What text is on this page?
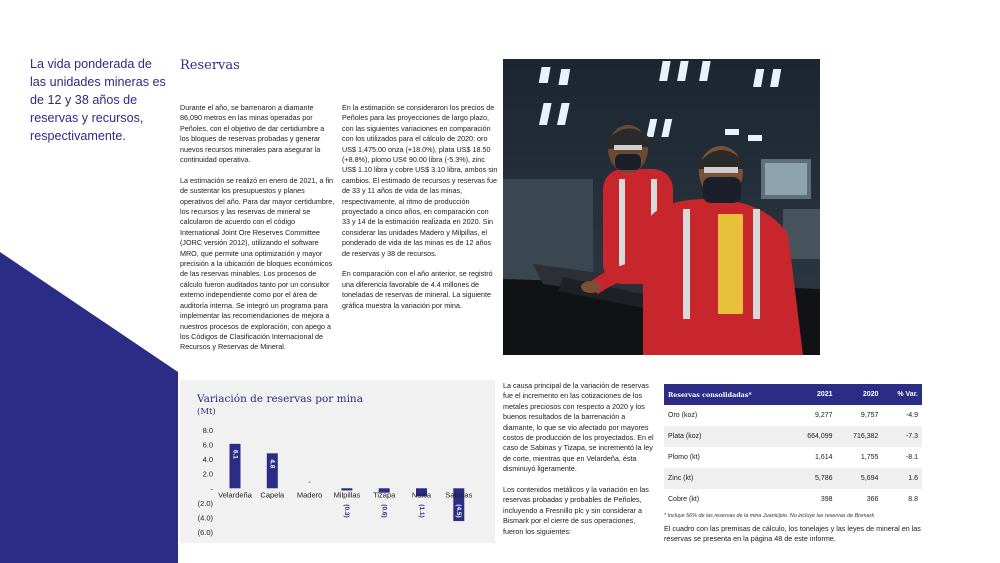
La vida ponderada de las unidades mineras es de 12 y 38 años de reservas y recursos, respectivamente.
Reservas

Durante el año, se barrenaron a diamante 86,090 metros en las minas operadas por Peñoles, con el objetivo de dar certidumbre a los bloques de reservas probadas y generar nuevos recursos minerales para asegurar la continuidad operativa.

La estimación se realizó en enero de 2021, a fin de sustentar los presupuestos y planes operativos del año. Para dar mayor certidumbre, los recursos y las reservas de mineral se calcularon de acuerdo con el código International Joint Ore Reserves Committee (JORC versión 2012), utilizando el software MRO, que permite una optimización y mayor precisión a la ubicación de bloques económicos de las reservas minables. Los procesos de cálculo fueron auditados tanto por un consultor externo independiente como por el área de auditoría interna. Se integró un programa para implementar las recomendaciones de mejora a nuestros procesos de exploración, con apego a los Códigos de Clasificación Internacional de Recursos y Reservas de Mineral.

En la estimación se consideraron los precios de Peñoles para las proyecciones de largo plazo, con las siguientes variaciones en comparación con los utilizados para el cálculo de 2020: oro US$ 1,475.00 onza (+18.0%), plata US$ 18.50 (+8.8%), plomo US¢ 90.00 libra (-5.3%), zinc US$ 1.10 libra y cobre US$ 3.10 libra, ambos sin cambios. El estimado de recursos y reservas fue de 33 y 11 años de vida de las minas, respectivamente, al ritmo de producción proyectado a cinco años, en comparación con 33 y 14 de la estimación realizada en 2020. Sin considerar las unidades Madero y Milpillas, el ponderado de vida de las minas es de 12 años de reservas y 38 de recursos.

En comparación con el año anterior, se registró una diferencia favorable de 4.4 millones de toneladas de reservas de mineral. La siguiente gráfica muestra la variación por mina.

Variación de reservas por mina
(Mt)
8.0
6.0
4.0
2.0
-
(2.0)
(4.0)
(6.0)
Velardeña
6.1
Capela
4.8
Madero
-
Milpillas
(0.3)
Tizapa
(0.6)
Naica
(1.1)
Sabinas
(4.5)

La causa principal de la variación de reservas fue el incremento en las cotizaciones de los metales preciosos con respecto a 2020 y los buenos resultados de la barrenación a diamante, lo que se vio afectado por mayores costos de producción de los proyectados. En el caso de Sabinas y Tizapa, se incrementó la ley de corte, mientras que en Velardeña, ésta disminuyó ligeramente.

Los contenidos metálicos y la variación en las reservas probadas y probables de Peñoles, incluyendo a Fresnillo plc y sin considerar a Bismark por el cierre de sus operaciones, fueron los siguientes:

Reservas consolidadas*	2021	2020	% Var.
Oro (koz)	9,277	9,757	-4.9
Plata (koz)	664,099	716,382	-7.3
Plomo (kt)	1,614	1,755	-8.1
Zinc (kt)	5,786	5,694	1.6
Cobre (kt)	398	366	8.8
* Incluye 56% de las reservas de la mina Juanicipio. No incluye las reservas de Bismark.
El cuadro con las premisas de cálculo, los tonelajes y las leyes de mineral en las reservas se presenta en la página 48 de este informe.
